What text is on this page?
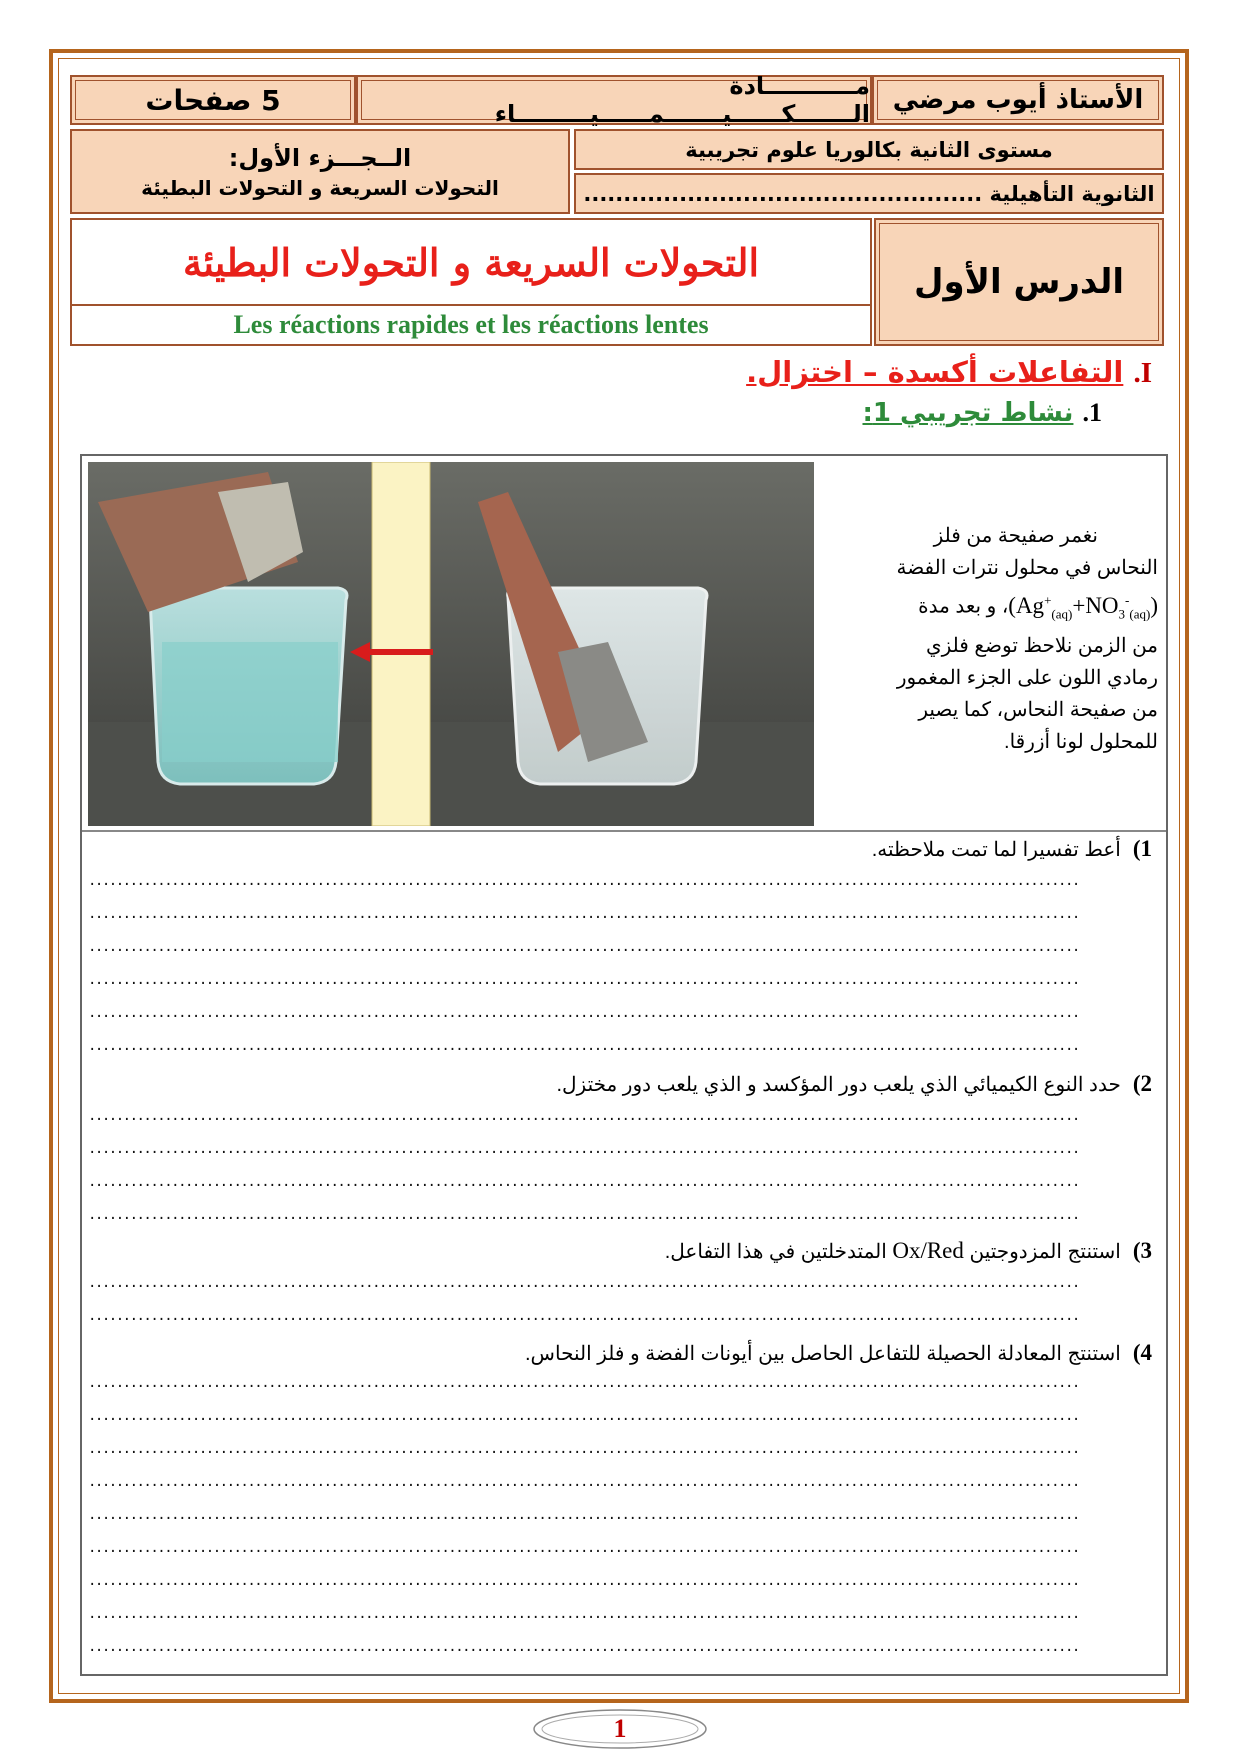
الأستاذ أيوب مرضي
مـــــــــــادة الـــــــكــــــيـــــــمــــــيـــــــــاء
5 صفحات
مستوى الثانية بكالوريا علوم تجريبية
الثانوية التأهيلية ..................................................
الــجـــزء الأول:
التحولات السريعة و التحولات البطيئة
الدرس الأول
التحولات السريعة و التحولات البطيئة
Les réactions rapides et les réactions lentes
I. التفاعلات أكسدة – اختزال.
1. نشاط تجريبي 1:
نغمر صفيحة من فلز
النحاس في محلول نترات الفضة
$(Ag^+_{(aq)}+NO_3^-_{(aq)})،$ و بعد مدة
من الزمن نلاحظ توضع فلزي
رمادي اللون على الجزء المغمور
من صفيحة النحاس، كما يصير
للمحلول لونا أزرقا.
1)أعط تفسيرا لما تمت ملاحظته.
...............................................................................................................................................
...............................................................................................................................................
...............................................................................................................................................
...............................................................................................................................................
...............................................................................................................................................
...............................................................................................................................................
2)حدد النوع الكيميائي الذي يلعب دور المؤكسد و الذي يلعب دور مختزل.
...............................................................................................................................................
...............................................................................................................................................
...............................................................................................................................................
...............................................................................................................................................
3)استنتج المزدوجتين Ox/Red المتدخلتين في هذا التفاعل.
...............................................................................................................................................
...............................................................................................................................................
4)استنتج المعادلة الحصيلة للتفاعل الحاصل بين أيونات الفضة و فلز النحاس.
...............................................................................................................................................
...............................................................................................................................................
...............................................................................................................................................
...............................................................................................................................................
...............................................................................................................................................
...............................................................................................................................................
...............................................................................................................................................
...............................................................................................................................................
...............................................................................................................................................
1
